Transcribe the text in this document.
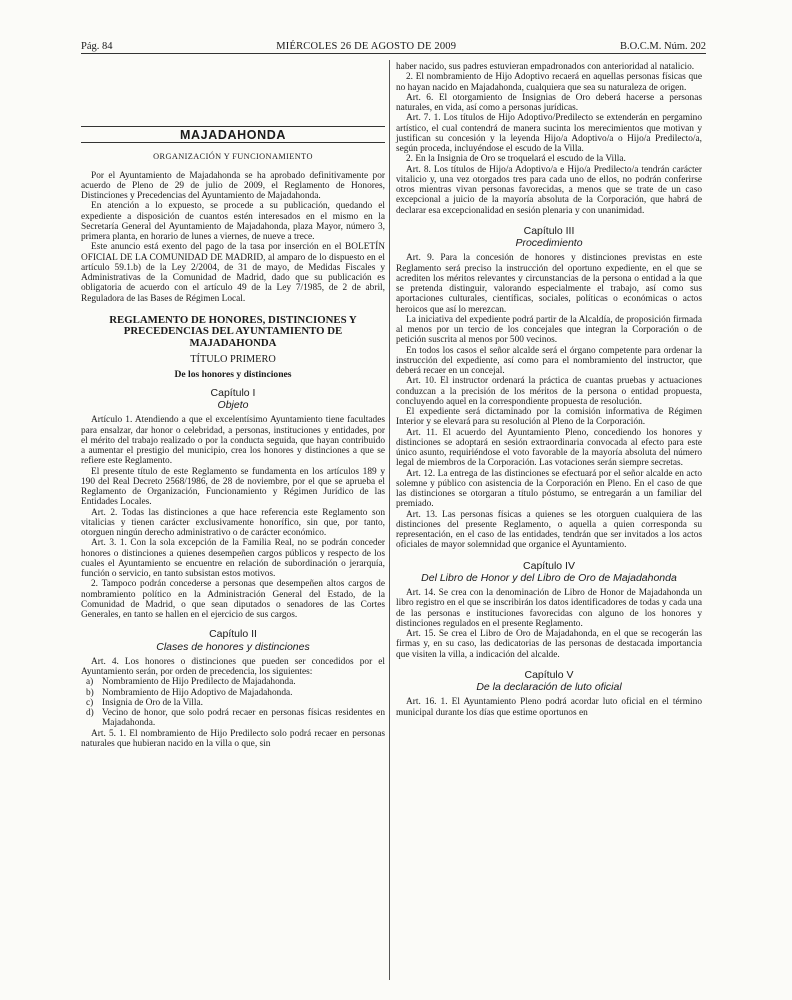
Pág. 84	MIÉRCOLES 26 DE AGOSTO DE 2009	B.O.C.M. Núm. 202
MAJADAHONDA
ORGANIZACIÓN Y FUNCIONAMIENTO

Por el Ayuntamiento de Majadahonda se ha aprobado definitivamente por acuerdo de Pleno de 29 de julio de 2009, el Reglamento de Honores, Distinciones y Precedencias del Ayuntamiento de Majadahonda.

En atención a lo expuesto, se procede a su publicación, quedando el expediente a disposición de cuantos estén interesados en el mismo en la Secretaría General del Ayuntamiento de Majadahonda, plaza Mayor, número 3, primera planta, en horario de lunes a viernes, de nueve a trece.

Este anuncio está exento del pago de la tasa por inserción en el BOLETÍN OFICIAL DE LA COMUNIDAD DE MADRID, al amparo de lo dispuesto en el artículo 59.1.b) de la Ley 2/2004, de 31 de mayo, de Medidas Fiscales y Administrativas de la Comunidad de Madrid, dado que su publicación es obligatoria de acuerdo con el artículo 49 de la Ley 7/1985, de 2 de abril, Reguladora de las Bases de Régimen Local.

REGLAMENTO DE HONORES, DISTINCIONES Y PRECEDENCIAS DEL AYUNTAMIENTO DE MAJADAHONDA
TÍTULO PRIMERO
De los honores y distinciones
Capítulo I
Objeto

Artículo 1. Atendiendo a que el excelentísimo Ayuntamiento tiene facultades para ensalzar, dar honor o celebridad, a personas, instituciones y entidades, por el mérito del trabajo realizado o por la conducta seguida, que hayan contribuido a aumentar el prestigio del municipio, crea los honores y distinciones a que se refiere este Reglamento.

El presente título de este Reglamento se fundamenta en los artículos 189 y 190 del Real Decreto 2568/1986, de 28 de noviembre, por el que se aprueba el Reglamento de Organización, Funcionamiento y Régimen Jurídico de las Entidades Locales.

Art. 2. Todas las distinciones a que hace referencia este Reglamento son vitalicias y tienen carácter exclusivamente honorífico, sin que, por tanto, otorguen ningún derecho administrativo o de carácter económico.

Art. 3. 1. Con la sola excepción de la Familia Real, no se podrán conceder honores o distinciones a quienes desempeñen cargos públicos y respecto de los cuales el Ayuntamiento se encuentre en relación de subordinación o jerarquía, función o servicio, en tanto subsistan estos motivos.

2. Tampoco podrán concederse a personas que desempeñen altos cargos de nombramiento político en la Administración General del Estado, de la Comunidad de Madrid, o que sean diputados o senadores de las Cortes Generales, en tanto se hallen en el ejercicio de sus cargos.

Capítulo II
Clases de honores y distinciones

Art. 4. Los honores o distinciones que pueden ser concedidos por el Ayuntamiento serán, por orden de precedencia, los siguientes:

a) Nombramiento de Hijo Predilecto de Majadahonda.
b) Nombramiento de Hijo Adoptivo de Majadahonda.
c) Insignia de Oro de la Villa.
d) Vecino de honor, que solo podrá recaer en personas físicas residentes en Majadahonda.

Art. 5. 1. El nombramiento de Hijo Predilecto solo podrá recaer en personas naturales que hubieran nacido en la villa o que, sin

haber nacido, sus padres estuvieran empadronados con anterioridad al natalicio.

2. El nombramiento de Hijo Adoptivo recaerá en aquellas personas físicas que no hayan nacido en Majadahonda, cualquiera que sea su naturaleza de origen.

Art. 6. El otorgamiento de Insignias de Oro deberá hacerse a personas naturales, en vida, así como a personas jurídicas.

Art. 7. 1. Los títulos de Hijo Adoptivo/Predilecto se extenderán en pergamino artístico, el cual contendrá de manera sucinta los merecimientos que motivan y justifican su concesión y la leyenda Hijo/a Adoptivo/a o Hijo/a Predilecto/a, según proceda, incluyéndose el escudo de la Villa.

2. En la Insignia de Oro se troquelará el escudo de la Villa.

Art. 8. Los títulos de Hijo/a Adoptivo/a e Hijo/a Predilecto/a tendrán carácter vitalicio y, una vez otorgados tres para cada uno de ellos, no podrán conferirse otros mientras vivan personas favorecidas, a menos que se trate de un caso excepcional a juicio de la mayoría absoluta de la Corporación, que habrá de declarar esa excepcionalidad en sesión plenaria y con unanimidad.

Capítulo III
Procedimiento

Art. 9. Para la concesión de honores y distinciones previstas en este Reglamento será preciso la instrucción del oportuno expediente, en el que se acrediten los méritos relevantes y circunstancias de la persona o entidad a la que se pretenda distinguir, valorando especialmente el trabajo, así como sus aportaciones culturales, científicas, sociales, políticas o económicas o actos heroicos que así lo merezcan.

La iniciativa del expediente podrá partir de la Alcaldía, de proposición firmada al menos por un tercio de los concejales que integran la Corporación o de petición suscrita al menos por 500 vecinos.

En todos los casos el señor alcalde será el órgano competente para ordenar la instrucción del expediente, así como para el nombramiento del instructor, que deberá recaer en un concejal.

Art. 10. El instructor ordenará la práctica de cuantas pruebas y actuaciones conduzcan a la precisión de los méritos de la persona o entidad propuesta, concluyendo aquel en la correspondiente propuesta de resolución.

El expediente será dictaminado por la comisión informativa de Régimen Interior y se elevará para su resolución al Pleno de la Corporación.

Art. 11. El acuerdo del Ayuntamiento Pleno, concediendo los honores y distinciones se adoptará en sesión extraordinaria convocada al efecto para este único asunto, requiriéndose el voto favorable de la mayoría absoluta del número legal de miembros de la Corporación. Las votaciones serán siempre secretas.

Art. 12. La entrega de las distinciones se efectuará por el señor alcalde en acto solemne y público con asistencia de la Corporación en Pleno. En el caso de que las distinciones se otorgaran a título póstumo, se entregarán a un familiar del premiado.

Art. 13. Las personas físicas a quienes se les otorguen cualquiera de las distinciones del presente Reglamento, o aquella a quien corresponda su representación, en el caso de las entidades, tendrán que ser invitados a los actos oficiales de mayor solemnidad que organice el Ayuntamiento.

Capítulo IV
Del Libro de Honor y del Libro de Oro de Majadahonda

Art. 14. Se crea con la denominación de Libro de Honor de Majadahonda un libro registro en el que se inscribirán los datos identificadores de todas y cada una de las personas e instituciones favorecidas con alguno de los honores y distinciones regulados en el presente Reglamento.

Art. 15. Se crea el Libro de Oro de Majadahonda, en el que se recogerán las firmas y, en su caso, las dedicatorias de las personas de destacada importancia que visiten la villa, a indicación del alcalde.

Capítulo V
De la declaración de luto oficial

Art. 16. 1. El Ayuntamiento Pleno podrá acordar luto oficial en el término municipal durante los días que estime oportunos en
